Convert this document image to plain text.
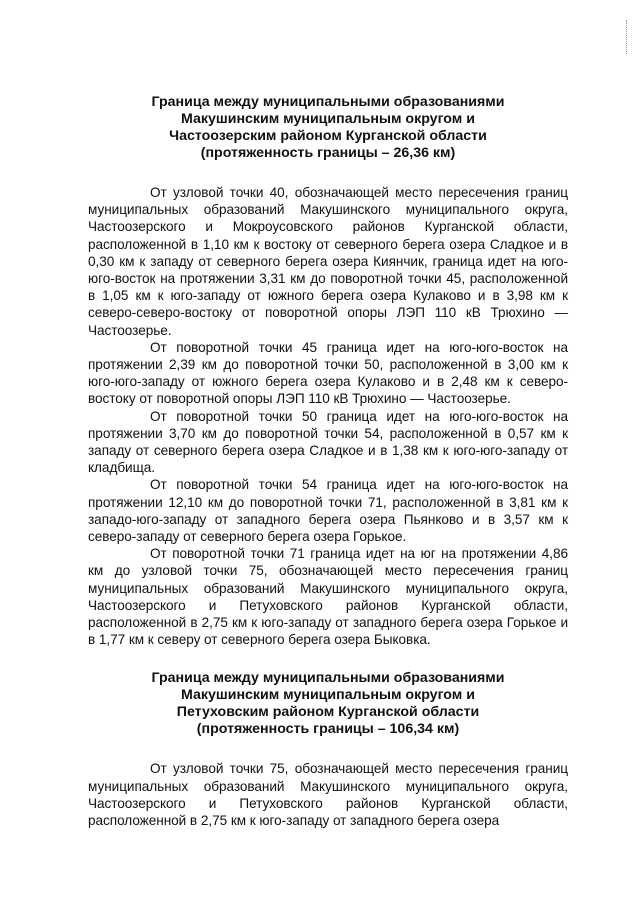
Граница между муниципальными образованиями
Макушинским муниципальным округом и
Частоозерским районом Курганской области
(протяженность границы – 26,36 км)

От узловой точки 40, обозначающей место пересечения границ муниципальных образований Макушинского муниципального округа, Частоозерского и Мокроусовского районов Курганской области, расположенной в 1,10 км к востоку от северного берега озера Сладкое и в 0,30 км к западу от северного берега озера Киянчик, граница идет на юго-юго-восток на протяжении 3,31 км до поворотной точки 45, расположенной в 1,05 км к юго-западу от южного берега озера Кулаково и в 3,98 км к северо-северо-востоку от поворотной опоры ЛЭП 110 кВ Трюхино — Частоозерье.

От поворотной точки 45 граница идет на юго-юго-восток на протяжении 2,39 км до поворотной точки 50, расположенной в 3,00 км к юго-юго-западу от южного берега озера Кулаково и в 2,48 км к северо-востоку от поворотной опоры ЛЭП 110 кВ Трюхино — Частоозерье.

От поворотной точки 50 граница идет на юго-юго-восток на протяжении 3,70 км до поворотной точки 54, расположенной в 0,57 км к западу от северного берега озера Сладкое и в 1,38 км к юго-юго-западу от кладбища.

От поворотной точки 54 граница идет на юго-юго-восток на протяжении 12,10 км до поворотной точки 71, расположенной в 3,81 км к западо-юго-западу от западного берега озера Пьянково и в 3,57 км к северо-западу от северного берега озера Горькое.

От поворотной точки 71 граница идет на юг на протяжении 4,86 км до узловой точки 75, обозначающей место пересечения границ муниципальных образований Макушинского муниципального округа, Частоозерского и Петуховского районов Курганской области, расположенной в 2,75 км к юго-западу от западного берега озера Горькое и в 1,77 км к северу от северного берега озера Быковка.

Граница между муниципальными образованиями
Макушинским муниципальным округом и
Петуховским районом Курганской области
(протяженность границы – 106,34 км)

От узловой точки 75, обозначающей место пересечения границ муниципальных образований Макушинского муниципального округа, Частоозерского и Петуховского районов Курганской области, расположенной в 2,75 км к юго-западу от западного берега озера
